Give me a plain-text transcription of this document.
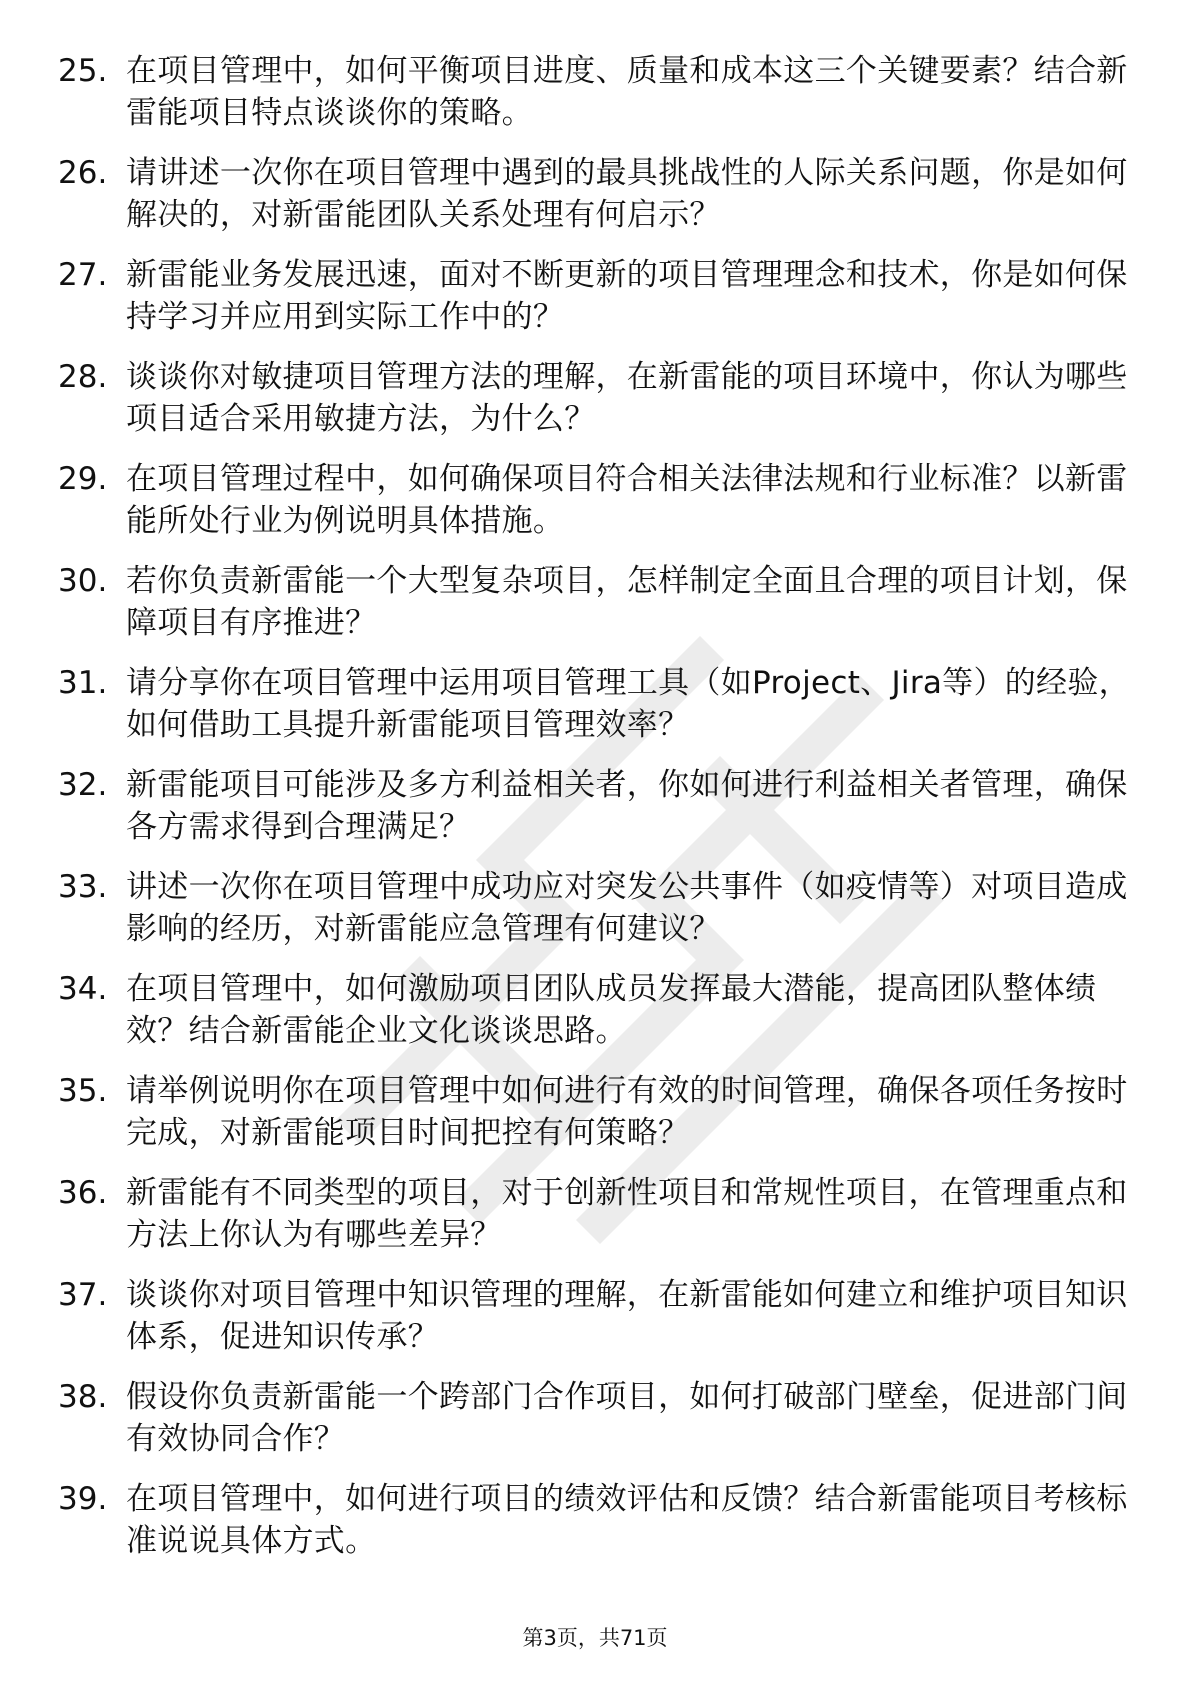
25. 在项目管理中，如何平衡项目进度、质量和成本这三个关键要素？结合新雷能项目特点谈谈你的策略。
26. 请讲述一次你在项目管理中遇到的最具挑战性的人际关系问题，你是如何解决的，对新雷能团队关系处理有何启示？
27. 新雷能业务发展迅速，面对不断更新的项目管理理念和技术，你是如何保持学习并应用到实际工作中的？
28. 谈谈你对敏捷项目管理方法的理解，在新雷能的项目环境中，你认为哪些项目适合采用敏捷方法，为什么？
29. 在项目管理过程中，如何确保项目符合相关法律法规和行业标准？以新雷能所处行业为例说明具体措施。
30. 若你负责新雷能一个大型复杂项目，怎样制定全面且合理的项目计划，保障项目有序推进？
31. 请分享你在项目管理中运用项目管理工具（如Project、Jira等）的经验，如何借助工具提升新雷能项目管理效率？
32. 新雷能项目可能涉及多方利益相关者，你如何进行利益相关者管理，确保各方需求得到合理满足？
33. 讲述一次你在项目管理中成功应对突发公共事件（如疫情等）对项目造成影响的经历，对新雷能应急管理有何建议？
34. 在项目管理中，如何激励项目团队成员发挥最大潜能，提高团队整体绩效？结合新雷能企业文化谈谈思路。
35. 请举例说明你在项目管理中如何进行有效的时间管理，确保各项任务按时完成，对新雷能项目时间把控有何策略？
36. 新雷能有不同类型的项目，对于创新性项目和常规性项目，在管理重点和方法上你认为有哪些差异？
37. 谈谈你对项目管理中知识管理的理解，在新雷能如何建立和维护项目知识体系，促进知识传承？
38. 假设你负责新雷能一个跨部门合作项目，如何打破部门壁垒，促进部门间有效协同合作？
39. 在项目管理中，如何进行项目的绩效评估和反馈？结合新雷能项目考核标准说说具体方式。
第3页，共71页
